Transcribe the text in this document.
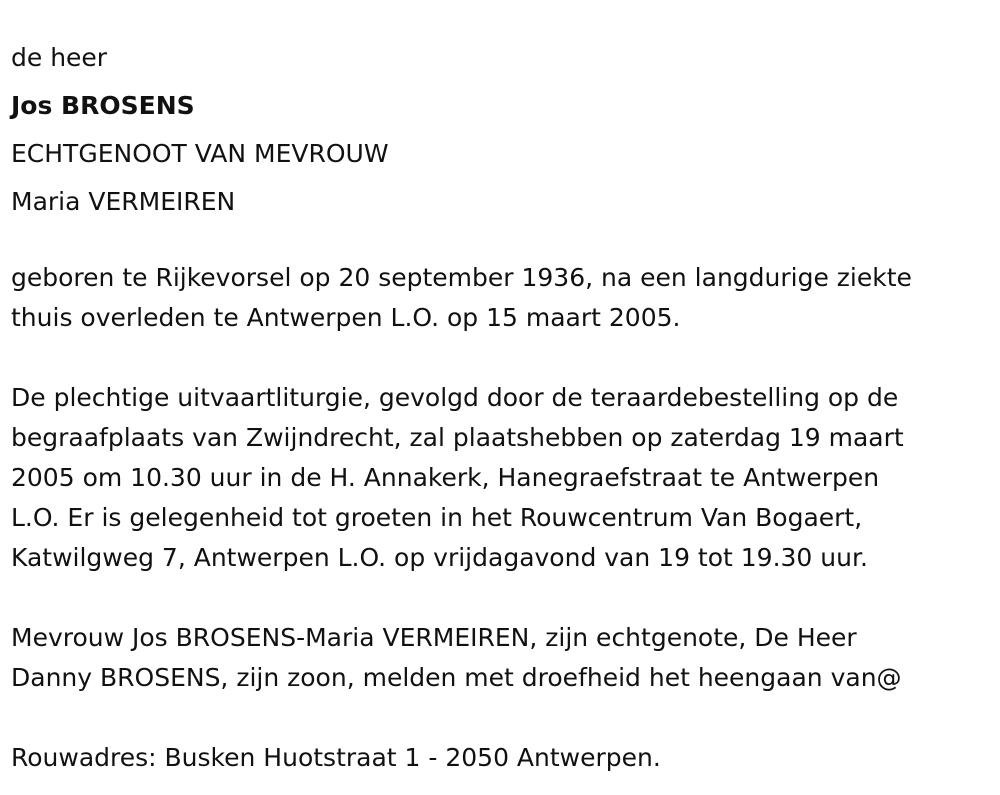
de heer
Jos BROSENS
ECHTGENOOT VAN MEVROUW
Maria VERMEIREN

geboren te Rijkevorsel op 20 september 1936, na een langdurige ziekte

thuis overleden te Antwerpen L.O. op 15 maart 2005.

De plechtige uitvaartliturgie, gevolgd door de teraardebestelling op de

begraafplaats van Zwijndrecht, zal plaatshebben op zaterdag 19 maart

2005 om 10.30 uur in de H. Annakerk, Hanegraefstraat te Antwerpen

L.O. Er is gelegenheid tot groeten in het Rouwcentrum Van Bogaert,

Katwilgweg 7, Antwerpen L.O. op vrijdagavond van 19 tot 19.30 uur.

Mevrouw Jos BROSENS-Maria VERMEIREN, zijn echtgenote, De Heer

Danny BROSENS, zijn zoon, melden met droefheid het heengaan van@

Rouwadres: Busken Huotstraat 1 - 2050 Antwerpen.
